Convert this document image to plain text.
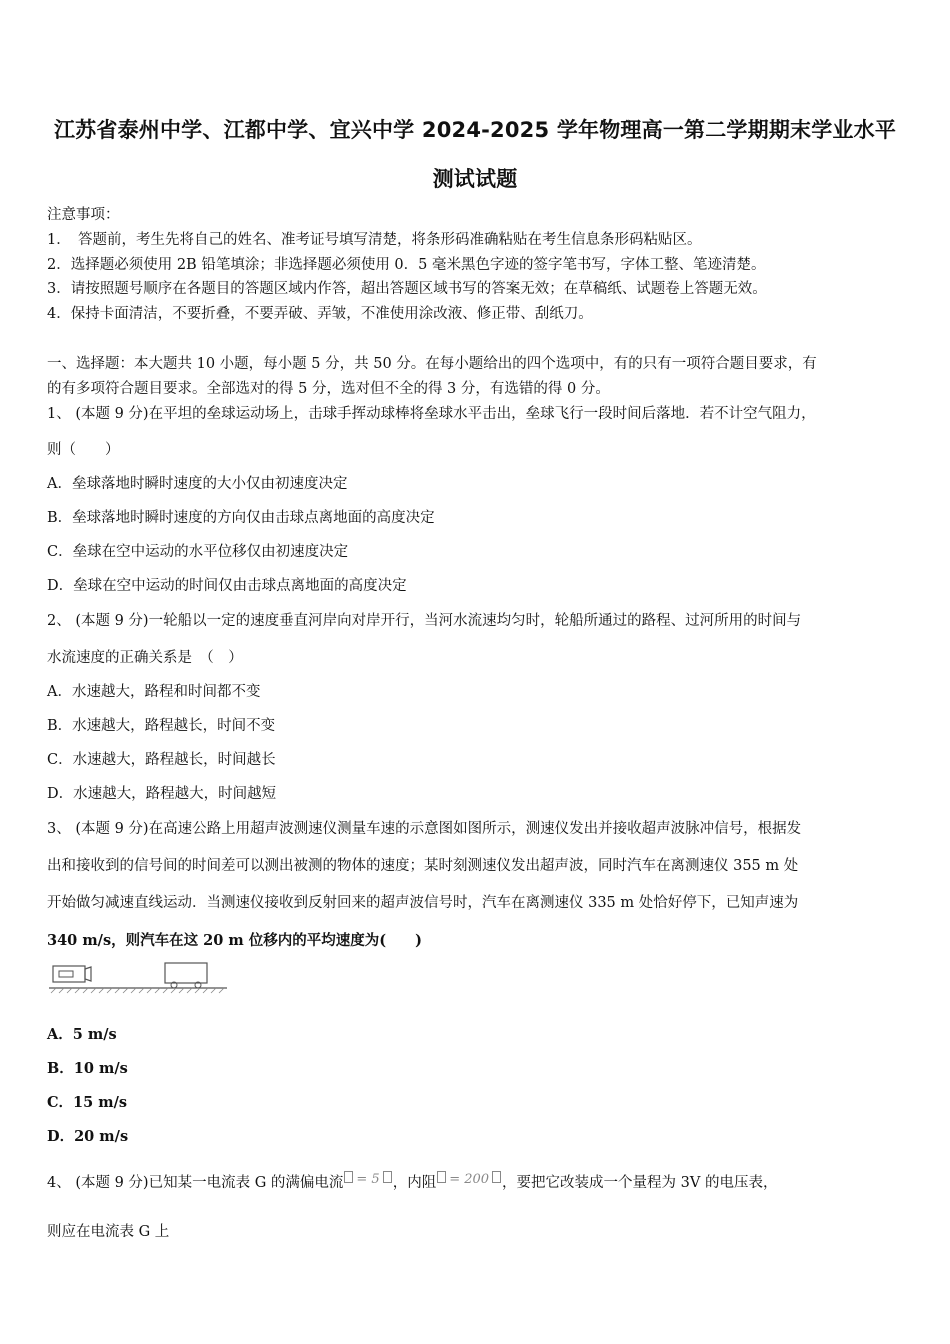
江苏省泰州中学、江都中学、宜兴中学 2024-2025 学年物理高一第二学期期末学业水平
测试试题
注意事项：
1．　答题前，考生先将自己的姓名、准考证号填写清楚，将条形码准确粘贴在考生信息条形码粘贴区。
2．选择题必须使用 2B 铅笔填涂；非选择题必须使用 0．5 毫米黑色字迹的签字笔书写，字体工整、笔迹清楚。
3．请按照题号顺序在各题目的答题区域内作答，超出答题区域书写的答案无效；在草稿纸、试题卷上答题无效。
4．保持卡面清洁，不要折叠，不要弄破、弄皱，不准使用涂改液、修正带、刮纸刀。
一、选择题：本大题共 10 小题，每小题 5 分，共 50 分。在每小题给出的四个选项中，有的只有一项符合题目要求，有
的有多项符合题目要求。全部选对的得 5 分，选对但不全的得 3 分，有选错的得 0 分。
1、 (本题 9 分)在平坦的垒球运动场上，击球手挥动球棒将垒球水平击出，垒球飞行一段时间后落地．若不计空气阻力，
则（　　）
A．垒球落地时瞬时速度的大小仅由初速度决定
B．垒球落地时瞬时速度的方向仅由击球点离地面的高度决定
C．垒球在空中运动的水平位移仅由初速度决定
D．垒球在空中运动的时间仅由击球点离地面的高度决定
2、 (本题 9 分)一轮船以一定的速度垂直河岸向对岸开行，当河水流速均匀时，轮船所通过的路程、过河所用的时间与
水流速度的正确关系是　（　）
A．水速越大，路程和时间都不变
B．水速越大，路程越长，时间不变
C．水速越大，路程越长，时间越长
D．水速越大，路程越大，时间越短
3、 (本题 9 分)在高速公路上用超声波测速仪测量车速的示意图如图所示，测速仪发出并接收超声波脉冲信号，根据发
出和接收到的信号间的时间差可以测出被测的物体的速度；某时刻测速仪发出超声波，同时汽车在离测速仪 355 m 处
开始做匀减速直线运动．当测速仪接收到反射回来的超声波信号时，汽车在离测速仪 335 m 处恰好停下，已知声速为
340 m/s，则汽车在这 20 m 位移内的平均速度为(　　)
A．5 m/s
B．10 m/s
C．15 m/s
D．20 m/s
4、 (本题 9 分)已知某一电流表 G 的满偏电流 = 5 ，内阻 = 200 ，要把它改装成一个量程为 3V 的电压表，
则应在电流表 G 上
